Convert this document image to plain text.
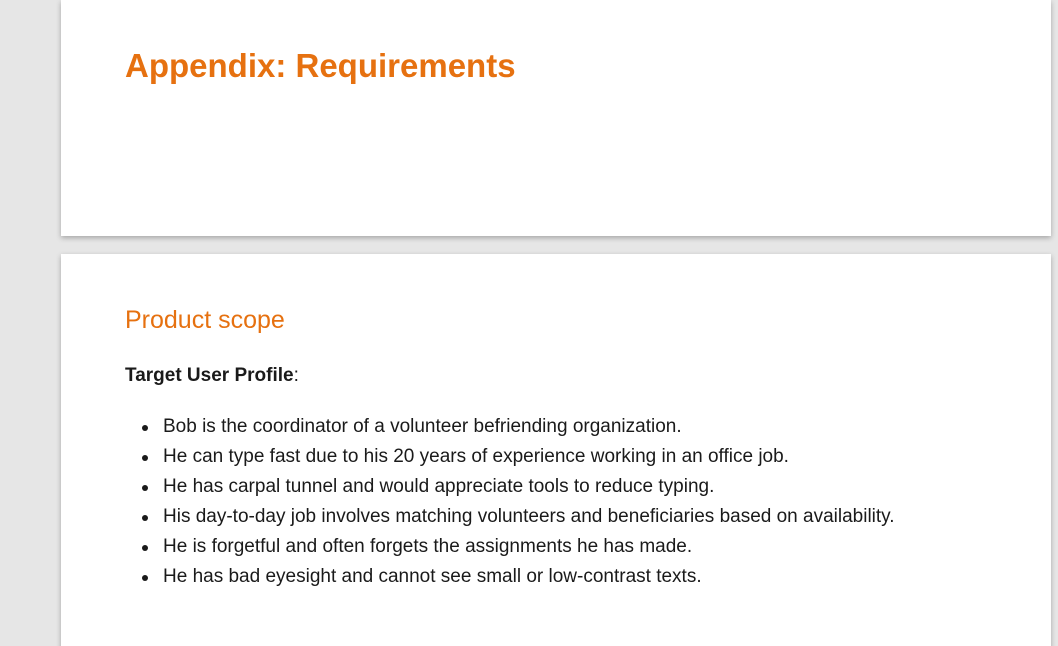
Appendix: Requirements
Product scope

Target User Profile:

Bob is the coordinator of a volunteer befriending organization.
He can type fast due to his 20 years of experience working in an office job.
He has carpal tunnel and would appreciate tools to reduce typing.
His day-to-day job involves matching volunteers and beneficiaries based on availability.
He is forgetful and often forgets the assignments he has made.
He has bad eyesight and cannot see small or low-contrast texts.
